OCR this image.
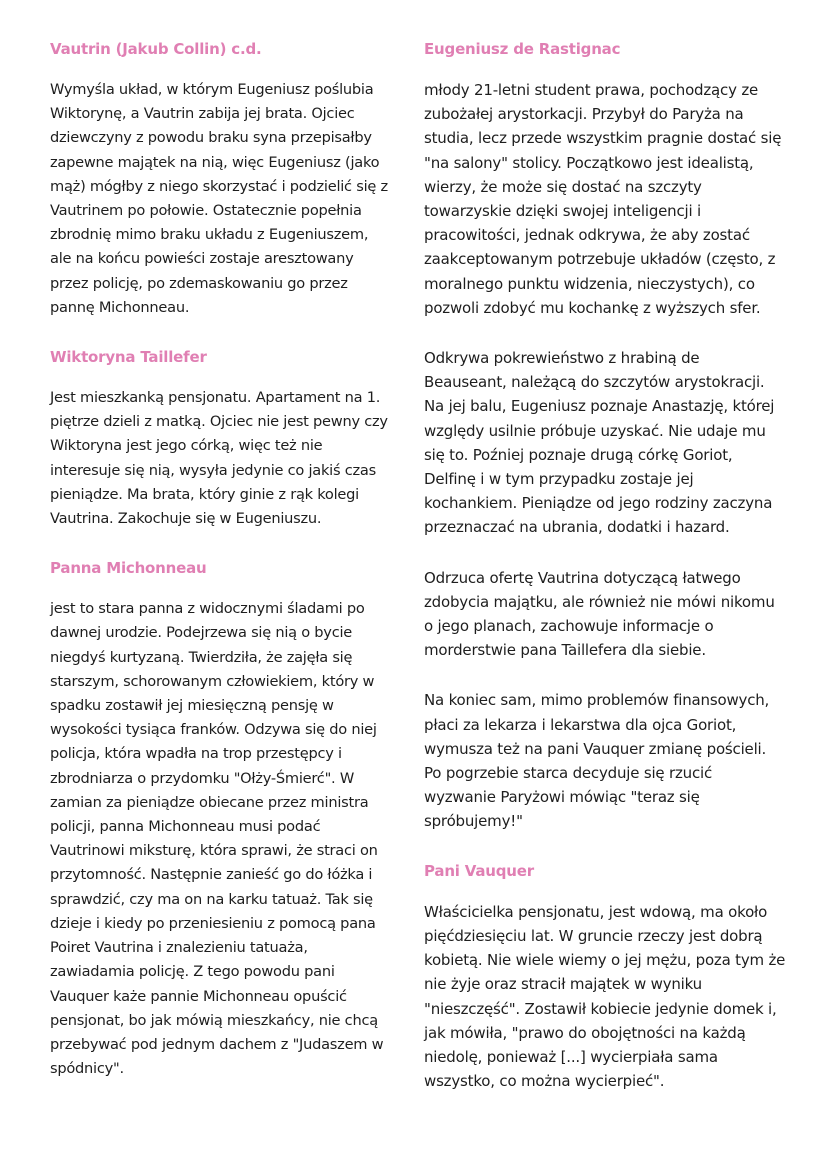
Vautrin (Jakub Collin) c.d.

Wymyśla układ, w którym Eugeniusz poślubia Wiktorynę, a Vautrin zabija jej brata. Ojciec dziewczyny z powodu braku syna przepisałby zapewne majątek na nią, więc Eugeniusz (jako mąż) mógłby z niego skorzystać i podzielić się z Vautrinem po połowie. Ostatecznie popełnia zbrodnię mimo braku układu z Eugeniuszem, ale na końcu powieści zostaje aresztowany przez policję, po zdemaskowaniu go przez pannę Michonneau.

Wiktoryna Taillefer

Jest mieszkanką pensjonatu. Apartament na 1. piętrze dzieli z matką. Ojciec nie jest pewny czy Wiktoryna jest jego córką, więc też nie interesuje się nią, wysyła jedynie co jakiś czas pieniądze. Ma brata, który ginie z rąk kolegi Vautrina. Zakochuje się w Eugeniuszu.

Panna Michonneau

jest to stara panna z widocznymi śladami po dawnej urodzie. Podejrzewa się nią o bycie niegdyś kurtyzaną. Twierdziła, że zajęła się starszym, schorowanym człowiekiem, który w spadku zostawił jej miesięczną pensję w wysokości tysiąca franków. Odzywa się do niej policja, która wpadła na trop przestępcy i zbrodniarza o przydomku "Ołży-Śmierć". W zamian za pieniądze obiecane przez ministra policji, panna Michonneau musi podać Vautrinowi miksturę, która sprawi, że straci on przytomność. Następnie zanieść go do łóżka i sprawdzić, czy ma on na karku tatuaż. Tak się dzieje i kiedy po przeniesieniu z pomocą pana Poiret Vautrina i znalezieniu tatuaża, zawiadamia policję. Z tego powodu pani Vauquer każe pannie Michonneau opuścić pensjonat, bo jak mówią mieszkańcy, nie chcą przebywać pod jednym dachem z "Judaszem w spódnicy".

Eugeniusz de Rastignac

młody 21-letni student prawa, pochodzący ze zubożałej arystorkacji. Przybył do Paryża na studia, lecz przede wszystkim pragnie dostać się "na salony" stolicy. Początkowo jest idealistą, wierzy, że może się dostać na szczyty towarzyskie dzięki swojej inteligencji i pracowitości, jednak odkrywa, że aby zostać zaakceptowanym potrzebuje układów (często, z moralnego punktu widzenia, nieczystych), co pozwoli zdobyć mu kochankę z wyższych sfer.

Odkrywa pokrewieństwo z hrabiną de Beauseant, należącą do szczytów arystokracji. Na jej balu, Eugeniusz poznaje Anastazję, której względy usilnie próbuje uzyskać. Nie udaje mu się to. Poźniej poznaje drugą córkę Goriot, Delfinę i w tym przypadku zostaje jej kochankiem. Pieniądze od jego rodziny zaczyna przeznaczać na ubrania, dodatki i hazard.

Odrzuca ofertę Vautrina dotyczącą łatwego zdobycia majątku, ale również nie mówi nikomu o jego planach, zachowuje informacje o morderstwie pana Taillefera dla siebie.

Na koniec sam, mimo problemów finansowych, płaci za lekarza i lekarstwa dla ojca Goriot, wymusza też na pani Vauquer zmianę pościeli. Po pogrzebie starca decyduje się rzucić wyzwanie Paryżowi mówiąc "teraz się spróbujemy!"

Pani Vauquer

Właścicielka pensjonatu, jest wdową, ma około pięćdziesięciu lat. W gruncie rzeczy jest dobrą kobietą. Nie wiele wiemy o jej mężu, poza tym że nie żyje oraz stracił majątek w wyniku "nieszczęść". Zostawił kobiecie jedynie domek i, jak mówiła, "prawo do obojętności na każdą niedolę, ponieważ [...] wycierpiała sama wszystko, co można wycierpieć".
